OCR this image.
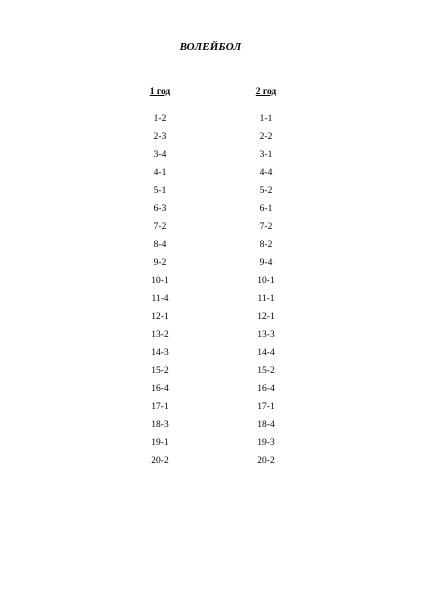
ВОЛЕЙБОЛ
1 год
1-2
2-3
3-4
4-1
5-1
6-3
7-2
8-4
9-2
10-1
11-4
12-1
13-2
14-3
15-2
16-4
17-1
18-3
19-1
20-2
2 год
1-1
2-2
3-1
4-4
5-2
6-1
7-2
8-2
9-4
10-1
11-1
12-1
13-3
14-4
15-2
16-4
17-1
18-4
19-3
20-2
